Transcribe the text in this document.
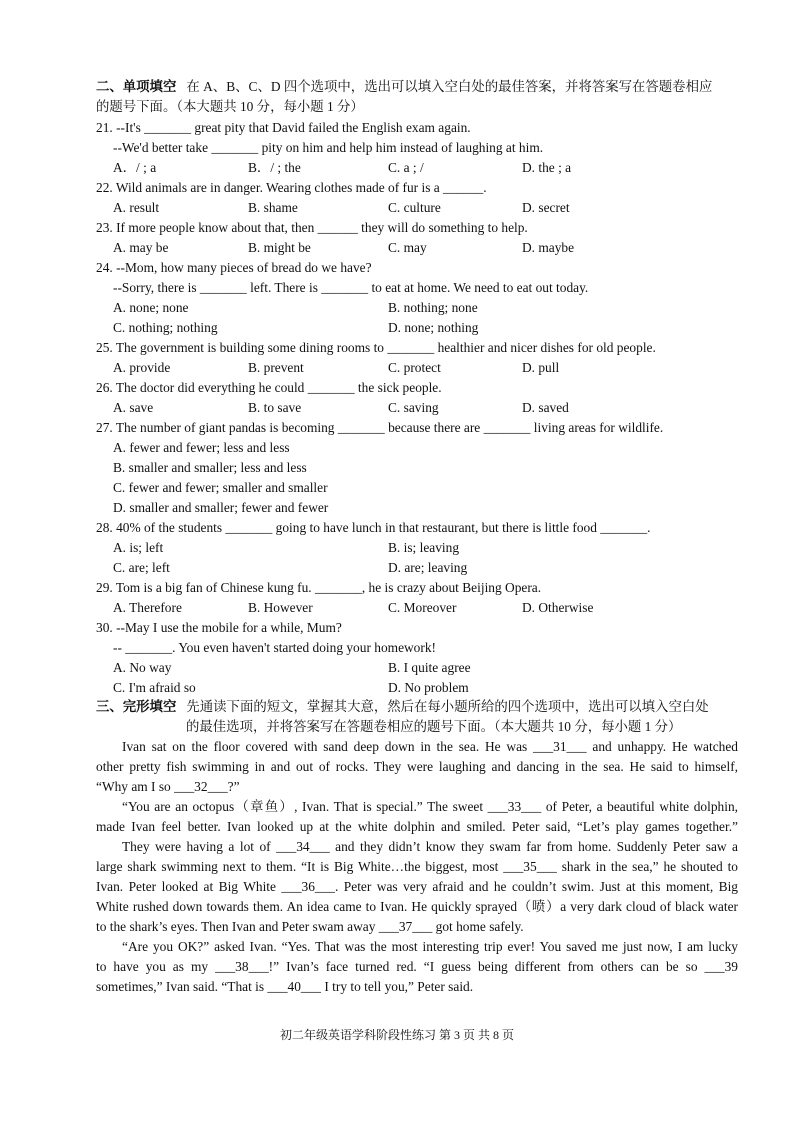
二、单项填空 在 A、B、C、D 四个选项中，选出可以填入空白处的最佳答案，并将答案写在答题卷相应
的题号下面。（本大题共 10 分，每小题 1 分）
21. --It's _______ great pity that David failed the English exam again.
--We'd better take _______ pity on him and help him instead of laughing at him.
A．/ ; a	B．/ ; the	C. a ; /	D. the ; a
22. Wild animals are in danger. Wearing clothes made of fur is a ______.
A. result	B. shame	C. culture	D. secret
23. If more people know about that, then ______ they will do something to help.
A. may be	B. might be	C. may	D. maybe
24. --Mom, how many pieces of bread do we have?
--Sorry, there is _______ left. There is _______ to eat at home. We need to eat out today.
A. none; none	B. nothing; none
C. nothing; nothing	D. none; nothing
25. The government is building some dining rooms to _______ healthier and nicer dishes for old people.
A. provide	B. prevent	C. protect	D. pull
26. The doctor did everything he could _______ the sick people.
A. save	B. to save	C. saving	D. saved
27. The number of giant pandas is becoming _______ because there are _______ living areas for wildlife.
A. fewer and fewer; less and less
B. smaller and smaller; less and less
C. fewer and fewer; smaller and smaller
D. smaller and smaller; fewer and fewer
28. 40% of the students _______ going to have lunch in that restaurant, but there is little food _______.
A. is; left	B. is; leaving
C. are; left	D. are; leaving
29. Tom is a big fan of Chinese kung fu. _______, he is crazy about Beijing Opera.
A. Therefore	B. However	C. Moreover	D. Otherwise
30. --May I use the mobile for a while, Mum?
-- _______. You even haven't started doing your homework!
A. No way	B. I quite agree
C. I'm afraid so	D. No problem
三、完形填空 先通读下面的短文，掌握其大意，然后在每小题所给的四个选项中，选出可以填入空白处
的最佳选项，并将答案写在答题卷相应的题号下面。（本大题共 10 分，每小题 1 分）
Ivan sat on the floor covered with sand deep down in the sea. He was ___31___ and unhappy. He watched
other pretty fish swimming in and out of rocks. They were laughing and dancing in the sea. He said to himself,
“Why am I so ___32___?”
“You are an octopus（章鱼）, Ivan. That is special.” The sweet ___33___ of Peter, a beautiful white dolphin,
made Ivan feel better. Ivan looked up at the white dolphin and smiled. Peter said, “Let’s play games together.”
They were having a lot of ___34___ and they didn’t know they swam far from home. Suddenly Peter saw a
large shark swimming next to them. “It is Big White…the biggest, most ___35___ shark in the sea,” he shouted to
Ivan. Peter looked at Big White ___36___. Peter was very afraid and he couldn’t swim. Just at this moment, Big
White rushed down towards them. An idea came to Ivan. He quickly sprayed（喷）a very dark cloud of black water
to the shark’s eyes. Then Ivan and Peter swam away ___37___ got home safely.
“Are you OK?” asked Ivan. “Yes. That was the most interesting trip ever! You saved me just now, I am lucky
to have you as my ___38___!” Ivan’s face turned red. “I guess being different from others can be so ___39
sometimes,” Ivan said. “That is ___40___ I try to tell you,” Peter said.
初二年级英语学科阶段性练习 第 3 页 共 8 页
